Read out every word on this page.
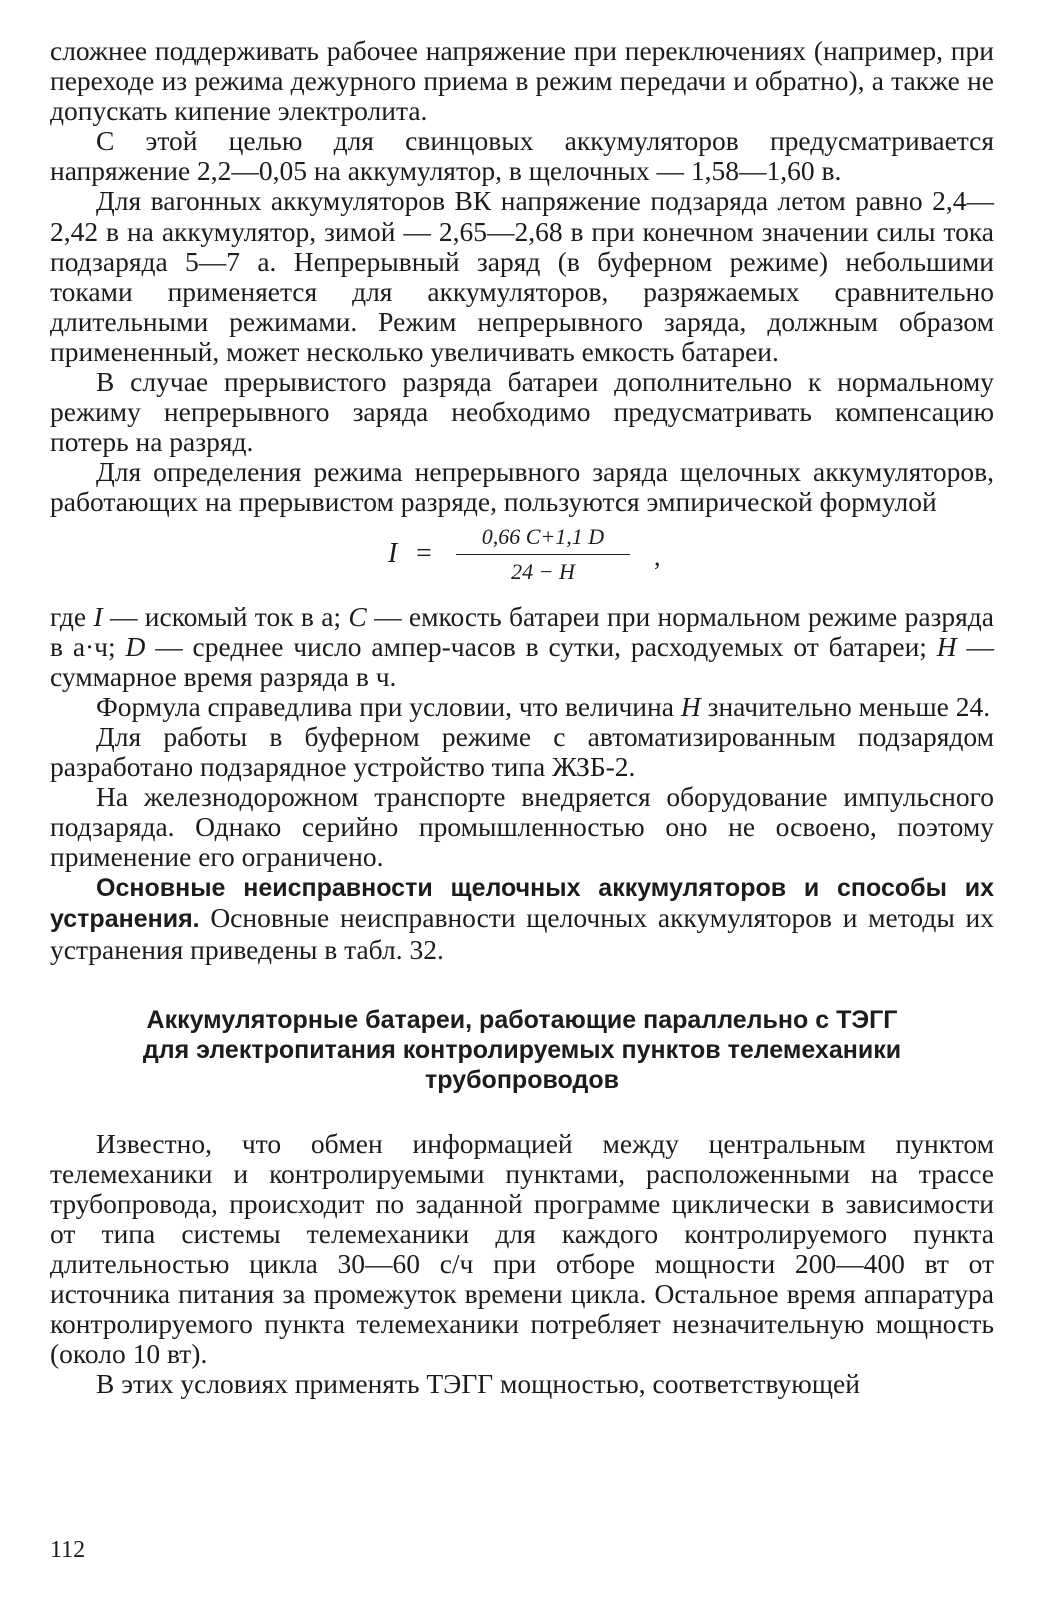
сложнее поддерживать рабочее напряжение при переключениях (например, при переходе из режима дежурного приема в режим передачи и обратно), а также не допускать кипение электролита.

С этой целью для свинцовых аккумуляторов предусматривается напряжение 2,2—0,05 на аккумулятор, в щелочных — 1,58—1,60 в.

Для вагонных аккумуляторов ВК напряжение подзаряда летом равно 2,4—2,42 в на аккумулятор, зимой — 2,65—2,68 в при конечном значении силы тока подзаряда 5—7 а. Непрерывный заряд (в буферном режиме) небольшими токами применяется для аккумуляторов, разряжаемых сравнительно длительными режимами. Режим непрерывного заряда, должным образом примененный, может несколько увеличивать емкость батареи.

В случае прерывистого разряда батареи дополнительно к нормальному режиму непрерывного заряда необходимо предусматривать компенсацию потерь на разряд.

Для определения режима непрерывного заряда щелочных аккумуляторов, работающих на прерывистом разряде, пользуются эмпирической формулой

I =
0,66 C+1,1 D
24 − H
,

где I — искомый ток в а; C — емкость батареи при нормальном режиме разряда в а·ч; D — среднее число ампер-часов в сутки, расходуемых от батареи; H — суммарное время разряда в ч.

Формула справедлива при условии, что величина H значительно меньше 24.

Для работы в буферном режиме с автоматизированным подзарядом разработано подзарядное устройство типа ЖЗБ-2.

На железнодорожном транспорте внедряется оборудование импульсного подзаряда. Однако серийно промышленностью оно не освоено, поэтому применение его ограничено.

Основные неисправности щелочных аккумуляторов и способы их устранения. Основные неисправности щелочных аккумуляторов и методы их устранения приведены в табл. 32.

Аккумуляторные батареи, работающие параллельно с ТЭГГ
для электропитания контролируемых пунктов телемеханики
трубопроводов

Известно, что обмен информацией между центральным пунктом телемеханики и контролируемыми пунктами, расположенными на трассе трубопровода, происходит по заданной программе циклически в зависимости от типа системы телемеханики для каждого контролируемого пункта длительностью цикла 30—60 с/ч при отборе мощности 200—400 вт от источника питания за промежуток времени цикла. Остальное время аппаратура контролируемого пункта телемеханики потребляет незначительную мощность (около 10 вт).

В этих условиях применять ТЭГГ мощностью, соответствующей

112
